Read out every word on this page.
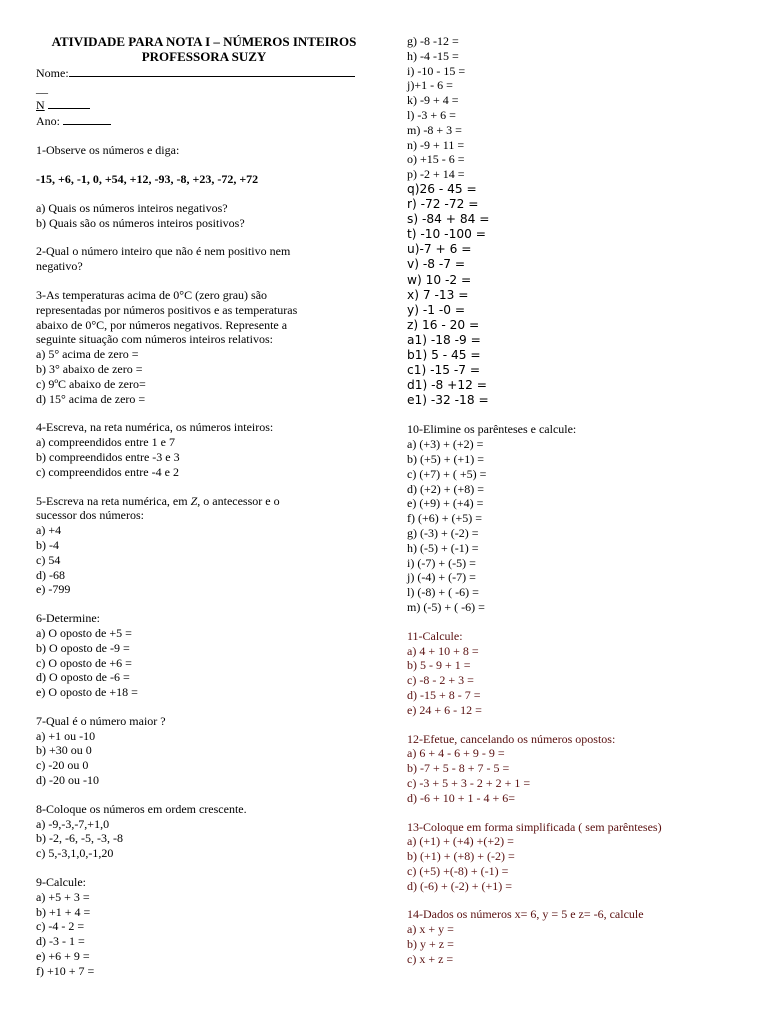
ATIVIDADE PARA NOTA I – NÚMEROS INTEIROS
PROFESSORA SUZY
Nome:
__
N
Ano:
1-Observe os números e diga:
-15, +6, -1, 0, +54, +12, -93, -8, +23, -72, +72
a) Quais os números inteiros negativos?
b) Quais são os números inteiros positivos?
2-Qual o número inteiro que não é nem positivo nem
negativo?
3-As temperaturas acima de 0°C (zero grau) são
representadas por números positivos e as temperaturas
abaixo de 0°C, por números negativos. Represente a
seguinte situação com números inteiros relativos:
a) 5° acima de zero =
b) 3° abaixo de zero =
c) 9ºC abaixo de zero=
d) 15° acima de zero =
4-Escreva, na reta numérica, os números inteiros:
a) compreendidos entre 1 e 7
b) compreendidos entre -3 e 3
c) compreendidos entre -4 e 2
5-Escreva na reta numérica, em Z, o antecessor e o
sucessor dos números:
a) +4
b) -4
c) 54
d) -68
e) -799
6-Determine:
a) O oposto de +5 =
b) O oposto de -9 =
c) O oposto de +6 =
d) O oposto de -6 =
e) O oposto de +18 =
7-Qual é o número maior ?
a) +1 ou -10
b) +30 ou 0
c) -20 ou 0
d) -20 ou -10
8-Coloque os números em ordem crescente.
a) -9,-3,-7,+1,0
b) -2, -6, -5, -3, -8
c) 5,-3,1,0,-1,20
9-Calcule:
a) +5 + 3 =
b) +1 + 4 =
c) -4 - 2 =
d) -3 - 1 =
e) +6 + 9 =
f) +10 + 7 =
g) -8 -12 =
h) -4 -15 =
i) -10 - 15 =
j)+1 - 6 =
k) -9 + 4 =
l) -3 + 6 =
m) -8 + 3 =
n) -9 + 11 =
o) +15 - 6 =
p) -2 + 14 =
q)26 - 45 =
r) -72 -72 =
s) -84 + 84 =
t) -10 -100 =
u)-7 + 6 =
v) -8 -7 =
w) 10 -2 =
x) 7 -13 =
y) -1 -0 =
z) 16 - 20 =
a1) -18 -9 =
b1) 5 - 45 =
c1) -15 -7 =
d1) -8 +12 =
e1) -32 -18 =
10-Elimine os parênteses e calcule:
a) (+3) + (+2) =
b) (+5) + (+1) =
c) (+7) + ( +5) =
d) (+2) + (+8) =
e) (+9) + (+4) =
f) (+6) + (+5) =
g) (-3) + (-2) =
h) (-5) + (-1) =
i) (-7) + (-5) =
j) (-4) + (-7) =
l) (-8) + ( -6) =
m) (-5) + ( -6) =
11-Calcule:
a) 4 + 10 + 8 =
b) 5 - 9 + 1 =
c) -8 - 2 + 3 =
d) -15 + 8 - 7 =
e) 24 + 6 - 12 =
12-Efetue, cancelando os números opostos:
a) 6 + 4 - 6 + 9 - 9 =
b) -7 + 5 - 8 + 7 - 5 =
c) -3 + 5 + 3 - 2 + 2 + 1 =
d) -6 + 10 + 1 - 4 + 6=
13-Coloque em forma simplificada ( sem parênteses)
a) (+1) + (+4) +(+2) =
b) (+1) + (+8) + (-2) =
c) (+5) +(-8) + (-1) =
d) (-6) + (-2) + (+1) =
14-Dados os números x= 6, y = 5 e z= -6, calcule
a) x + y =
b) y + z =
c) x + z =
